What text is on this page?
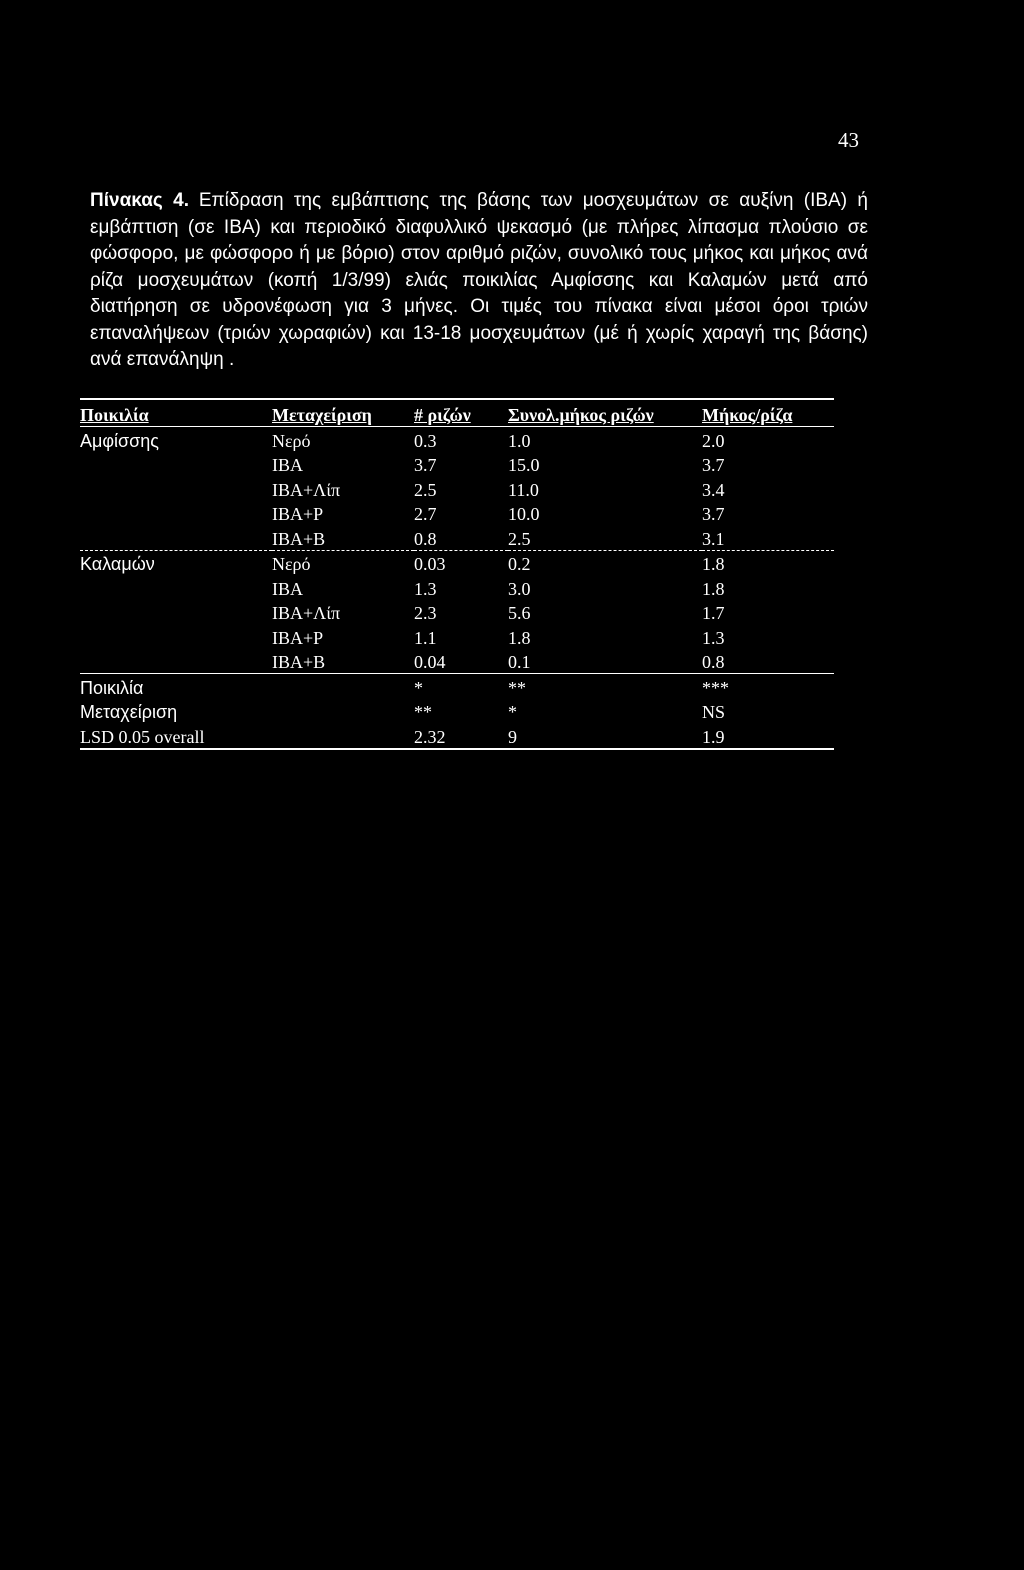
43
Πίνακας 4. Επίδραση της εμβάπτισης της βάσης των μοσχευμάτων σε αυξίνη (IBA) ή εμβάπτιση (σε IBA) και περιοδικό διαφυλλικό ψεκασμό (με πλήρες λίπασμα πλούσιο σε φώσφορο, με φώσφορο ή με βόριο) στον αριθμό ριζών, συνολικό τους μήκος και μήκος ανά ρίζα μοσχευμάτων (κοπή 1/3/99) ελιάς ποικιλίας Αμφίσσης και Καλαμών μετά από διατήρηση σε υδρονέφωση για 3 μήνες. Οι τιμές του πίνακα είναι μέσοι όροι τριών επαναλήψεων (τριών χωραφιών) και 13-18 μοσχευμάτων (μέ ή χωρίς χαραγή της βάσης) ανά επανάληψη .
Ποικιλία	Μεταχείριση	# ριζών	Συνολ.μήκος ριζών	Μήκος/ρίζα
Αμφίσσης	Νερό	0.3	1.0	2.0
	IBA	3.7	15.0	3.7
	IBA+Λίπ	2.5	11.0	3.4
	IBA+P	2.7	10.0	3.7
	IBA+B	0.8	2.5	3.1
Καλαμών	Νερό	0.03	0.2	1.8
	IBA	1.3	3.0	1.8
	IBA+Λίπ	2.3	5.6	1.7
	IBA+P	1.1	1.8	1.3
	IBA+B	0.04	0.1	0.8
Ποικιλία		*	**	***
Μεταχείριση		**	*	NS
LSD 0.05 overall		2.32	9	1.9
